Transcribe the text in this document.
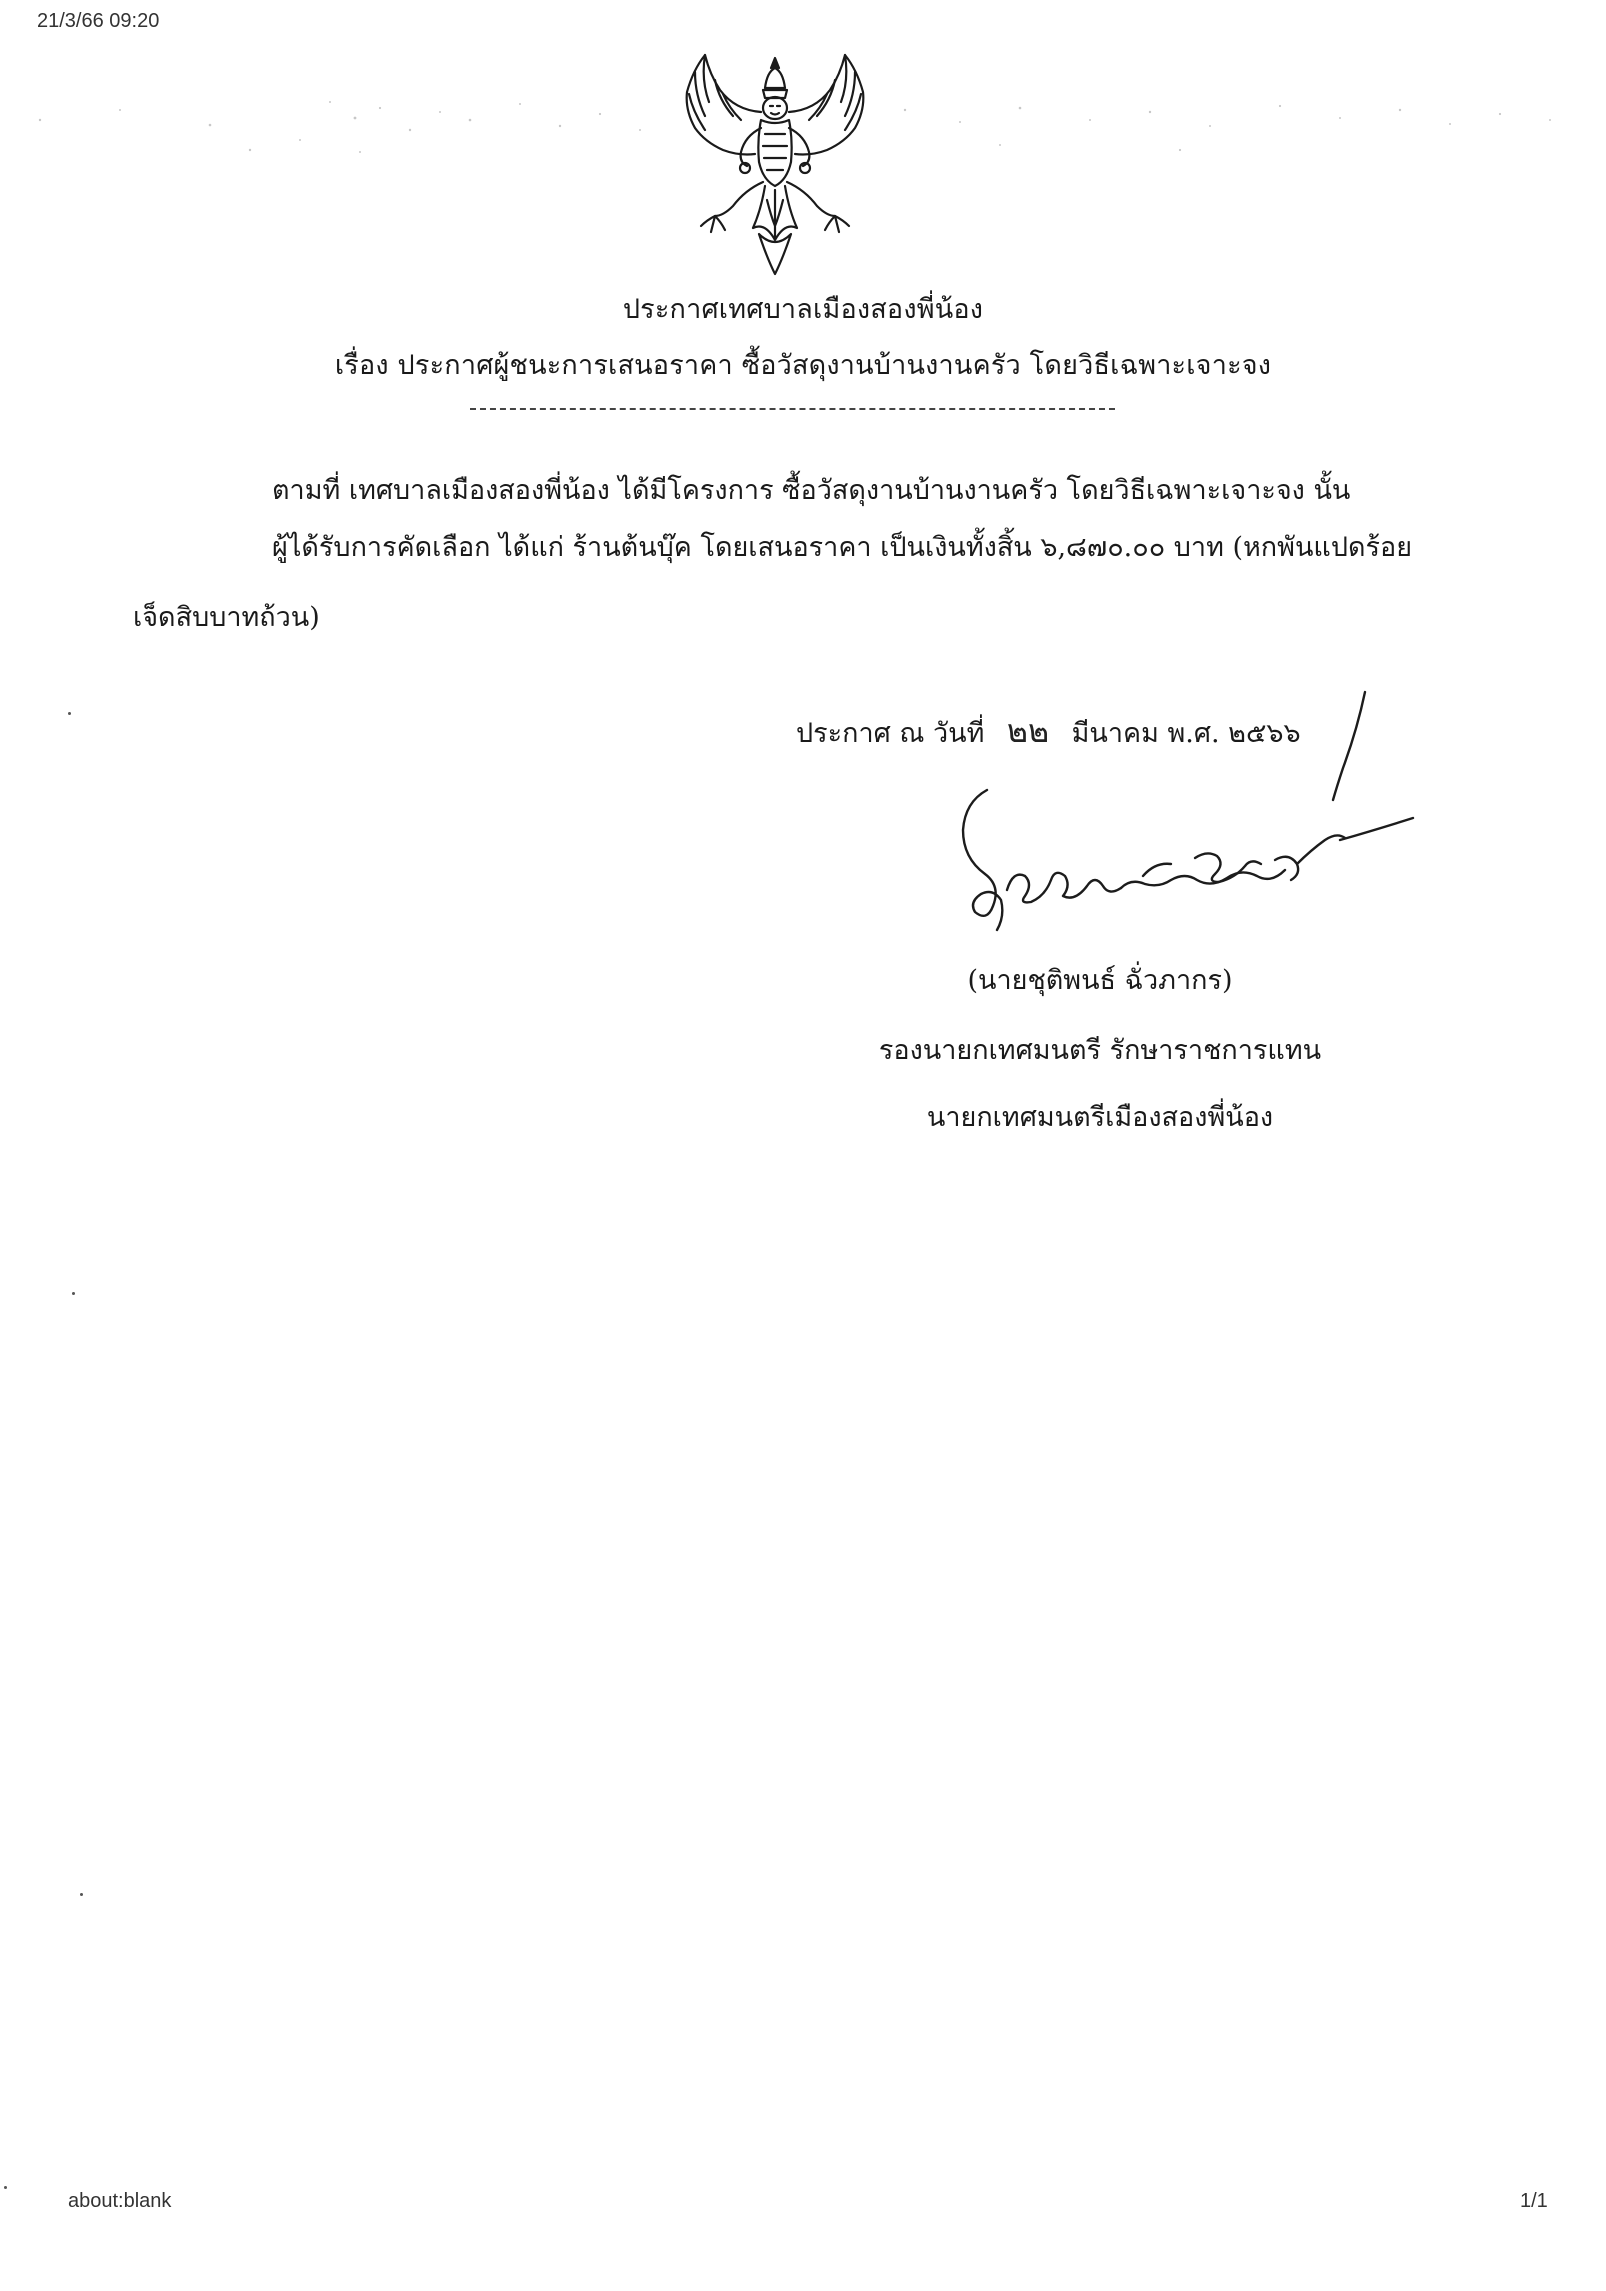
21/3/66 09:20
ประกาศเทศบาลเมืองสองพี่น้อง
เรื่อง ประกาศผู้ชนะการเสนอราคา ซื้อวัสดุงานบ้านงานครัว โดยวิธีเฉพาะเจาะจง
ตามที่ เทศบาลเมืองสองพี่น้อง ได้มีโครงการ ซื้อวัสดุงานบ้านงานครัว โดยวิธีเฉพาะเจาะจง นั้น
ผู้ได้รับการคัดเลือก ได้แก่ ร้านต้นบุ๊ค โดยเสนอราคา เป็นเงินทั้งสิ้น ๖,๘๗๐.๐๐ บาท (หกพันแปดร้อย
เจ็ดสิบบาทถ้วน)
ประกาศ ณ วันที่ ๒๒ มีนาคม พ.ศ. ๒๕๖๖
(นายชุติพนธ์ ฉั่วภากร)
รองนายกเทศมนตรี รักษาราชการแทน
นายกเทศมนตรีเมืองสองพี่น้อง
about:blank	1/1
